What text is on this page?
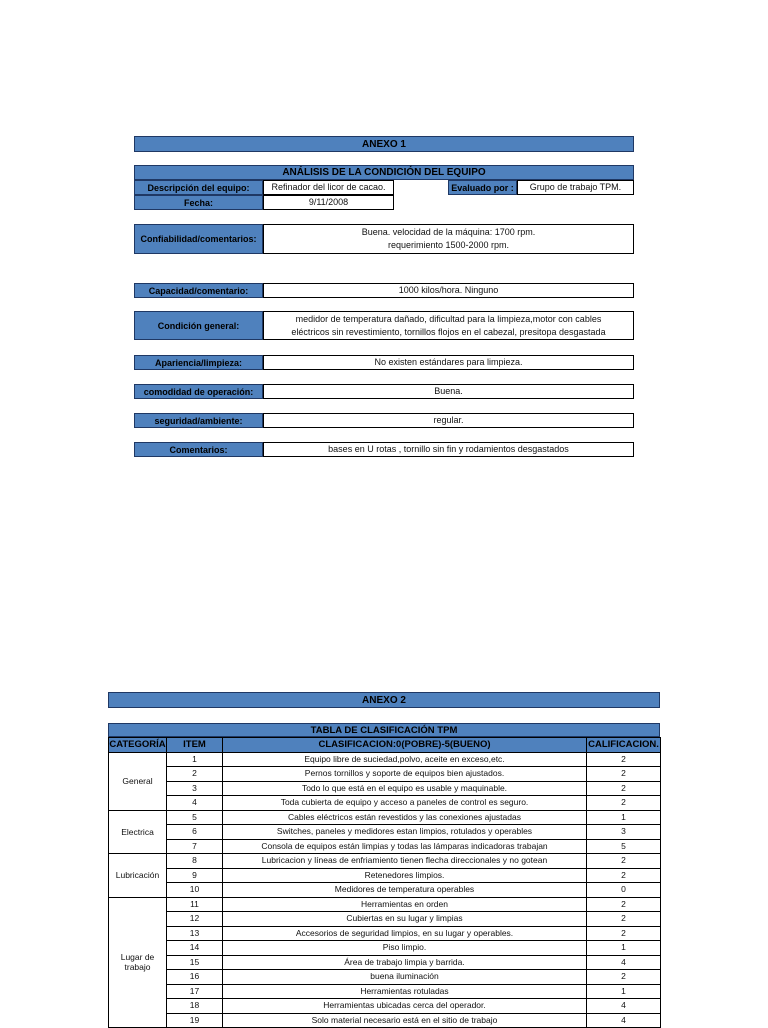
ANEXO 1
ANÁLISIS DE LA CONDICIÓN DEL EQUIPO
Descripción del equipo:	Refinador del licor de cacao.	Evaluado por :	Grupo de trabajo TPM.
Fecha:	9/11/2008
Confiabilidad/comentarios:
Buena. velocidad de la máquina: 1700 rpm.
requerimiento 1500-2000 rpm.
Capacidad/comentario:	1000 kilos/hora. Ninguno
Condición general:
medidor de temperatura dañado, dificultad para la limpieza,motor con cables
eléctricos sin revestimiento, tornillos flojos en el cabezal, presitopa desgastada
Apariencia/limpieza:	No existen estándares para limpieza.
comodidad de operación:	Buena.
seguridad/ambiente:	regular.
Comentarios:	bases en U rotas , tornillo sin fin y rodamientos desgastados
ANEXO 2
TABLA DE CLASIFICACIÓN TPM
CATEGORÍA	ITEM	CLASIFICACION:0(POBRE)-5(BUENO)	CALIFICACION.
General	1	Equipo libre de suciedad,polvo, aceite en exceso,etc.	2
	2	Pernos tornillos y soporte de equipos bien ajustados.	2
	3	Todo lo que está en el equipo es usable y maquinable.	2
	4	Toda cubierta de equipo y acceso a paneles de control es seguro.	2
Electrica	5	Cables eléctricos están revestidos y las conexiones ajustadas	1
	6	Switches, paneles y medidores estan limpios, rotulados y operables	3
	7	Consola de equipos están limpias y todas las lámparas indicadoras trabajan	5
Lubricación	8	Lubricacion y líneas de enfriamiento tienen flecha direccionales y no gotean	2
	9	Retenedores limpios.	2
	10	Medidores de temperatura operables	0
Lugar de trabajo	11	Herramientas en orden	2
	12	Cubiertas en su lugar y limpias	2
	13	Accesorios de seguridad limpios, en su lugar y operables.	2
	14	Piso limpio.	1
	15	Área de trabajo limpia y barrida.	4
	16	buena iluminación	2
	17	Herramientas rotuladas	1
	18	Herramientas ubicadas cerca del operador.	4
	19	Solo material necesario está en el sitio de trabajo	4
